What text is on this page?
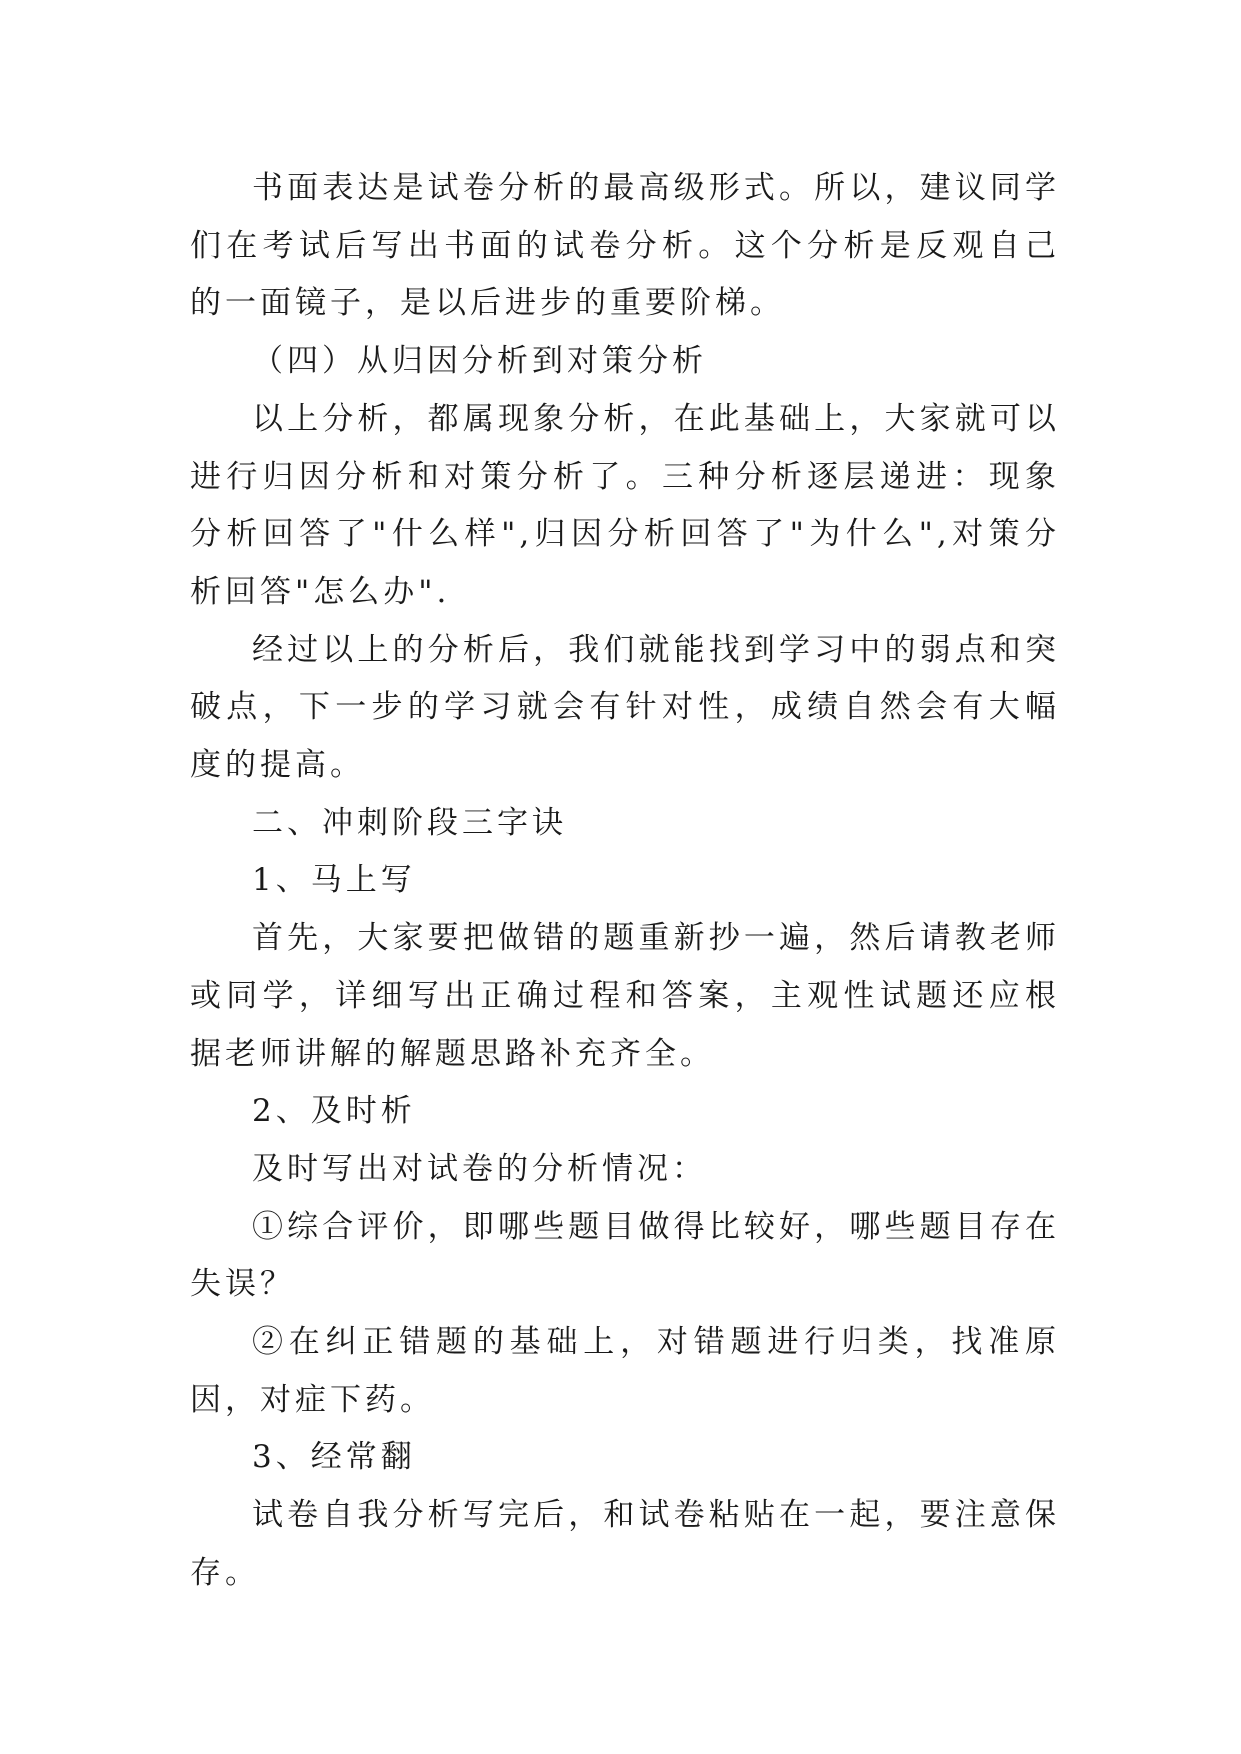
书面表达是试卷分析的最高级形式。所以，建议同学们在考试后写出书面的试卷分析。这个分析是反观自己的一面镜子，是以后进步的重要阶梯。

（四）从归因分析到对策分析

以上分析，都属现象分析，在此基础上，大家就可以进行归因分析和对策分析了。三种分析逐层递进：现象分析回答了"什么样",归因分析回答了"为什么",对策分析回答"怎么办".

经过以上的分析后，我们就能找到学习中的弱点和突破点，下一步的学习就会有针对性，成绩自然会有大幅度的提高。

二、冲刺阶段三字诀

1、马上写

首先，大家要把做错的题重新抄一遍，然后请教老师或同学，详细写出正确过程和答案，主观性试题还应根据老师讲解的解题思路补充齐全。

2、及时析

及时写出对试卷的分析情况：

①综合评价，即哪些题目做得比较好，哪些题目存在失误？

②在纠正错题的基础上，对错题进行归类，找准原因，对症下药。

3、经常翻

试卷自我分析写完后，和试卷粘贴在一起，要注意保存。
